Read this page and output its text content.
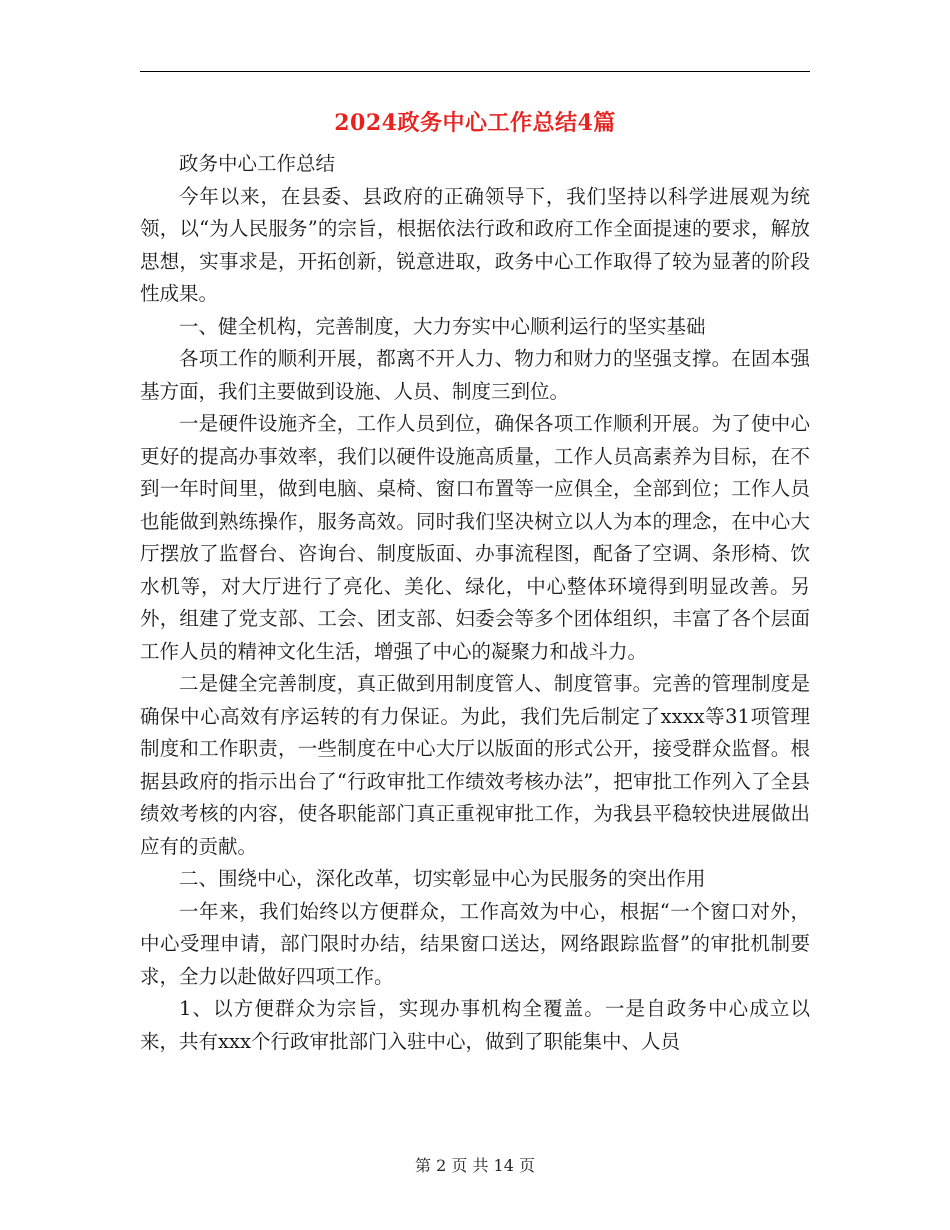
2024政务中心工作总结4篇

政务中心工作总结

今年以来，在县委、县政府的正确领导下，我们坚持以科学进展观为统领，以“为人民服务”的宗旨，根据依法行政和政府工作全面提速的要求，解放思想，实事求是，开拓创新，锐意进取，政务中心工作取得了较为显著的阶段性成果。

一、健全机构，完善制度，大力夯实中心顺利运行的坚实基础

各项工作的顺利开展，都离不开人力、物力和财力的坚强支撑。在固本强基方面，我们主要做到设施、人员、制度三到位。

一是硬件设施齐全，工作人员到位，确保各项工作顺利开展。为了使中心更好的提高办事效率，我们以硬件设施高质量，工作人员高素养为目标，在不到一年时间里，做到电脑、桌椅、窗口布置等一应俱全，全部到位；工作人员也能做到熟练操作，服务高效。同时我们坚决树立以人为本的理念，在中心大厅摆放了监督台、咨询台、制度版面、办事流程图，配备了空调、条形椅、饮水机等，对大厅进行了亮化、美化、绿化，中心整体环境得到明显改善。另外，组建了党支部、工会、团支部、妇委会等多个团体组织，丰富了各个层面工作人员的精神文化生活，增强了中心的凝聚力和战斗力。

二是健全完善制度，真正做到用制度管人、制度管事。完善的管理制度是确保中心高效有序运转的有力保证。为此，我们先后制定了xxxx等31项管理制度和工作职责，一些制度在中心大厅以版面的形式公开，接受群众监督。根据县政府的指示出台了“行政审批工作绩效考核办法”，把审批工作列入了全县绩效考核的内容，使各职能部门真正重视审批工作，为我县平稳较快进展做出应有的贡献。

二、围绕中心，深化改革，切实彰显中心为民服务的突出作用

一年来，我们始终以方便群众，工作高效为中心，根据“一个窗口对外，中心受理申请，部门限时办结，结果窗口送达，网络跟踪监督”的审批机制要求，全力以赴做好四项工作。

1、以方便群众为宗旨，实现办事机构全覆盖。一是自政务中心成立以来，共有xxx个行政审批部门入驻中心，做到了职能集中、人员

第 2 页 共 14 页
